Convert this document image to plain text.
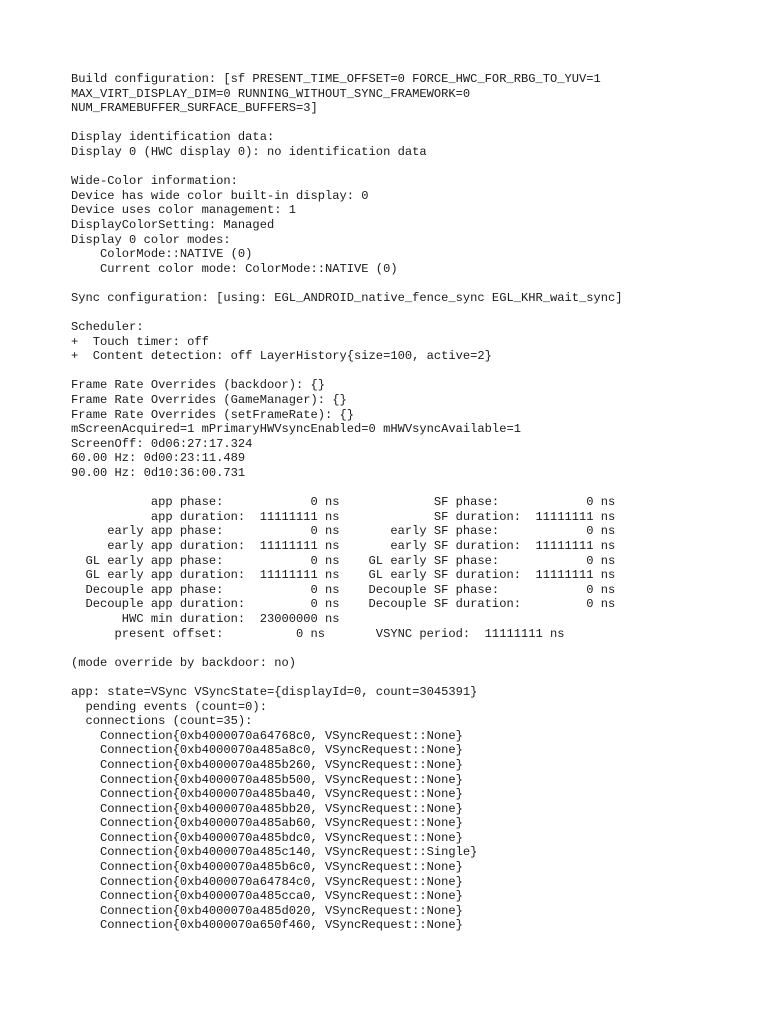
Build configuration: [sf PRESENT_TIME_OFFSET=0 FORCE_HWC_FOR_RBG_TO_YUV=1
MAX_VIRT_DISPLAY_DIM=0 RUNNING_WITHOUT_SYNC_FRAMEWORK=0
NUM_FRAMEBUFFER_SURFACE_BUFFERS=3]

Display identification data:
Display 0 (HWC display 0): no identification data

Wide-Color information:
Device has wide color built-in display: 0
Device uses color management: 1
DisplayColorSetting: Managed
Display 0 color modes:
ColorMode::NATIVE (0)
Current color mode: ColorMode::NATIVE (0)

Sync configuration: [using: EGL_ANDROID_native_fence_sync EGL_KHR_wait_sync]

Scheduler:
+  Touch timer: off
+  Content detection: off LayerHistory{size=100, active=2}

Frame Rate Overrides (backdoor): {}
Frame Rate Overrides (GameManager): {}
Frame Rate Overrides (setFrameRate): {}
mScreenAcquired=1 mPrimaryHWVsyncEnabled=0 mHWVsyncAvailable=1
ScreenOff: 0d06:27:17.324
60.00 Hz: 0d00:23:11.489
90.00 Hz: 0d10:36:00.731

app phase:            0 ns             SF phase:            0 ns
app duration:  11111111 ns             SF duration:  11111111 ns
early app phase:            0 ns       early SF phase:            0 ns
early app duration:  11111111 ns       early SF duration:  11111111 ns
GL early app phase:            0 ns    GL early SF phase:            0 ns
GL early app duration:  11111111 ns    GL early SF duration:  11111111 ns
Decouple app phase:            0 ns    Decouple SF phase:            0 ns
Decouple app duration:         0 ns    Decouple SF duration:         0 ns
HWC min duration:  23000000 ns
present offset:          0 ns       VSYNC period:  11111111 ns

(mode override by backdoor: no)

app: state=VSync VSyncState={displayId=0, count=3045391}
pending events (count=0):
connections (count=35):
Connection{0xb4000070a64768c0, VSyncRequest::None}
Connection{0xb4000070a485a8c0, VSyncRequest::None}
Connection{0xb4000070a485b260, VSyncRequest::None}
Connection{0xb4000070a485b500, VSyncRequest::None}
Connection{0xb4000070a485ba40, VSyncRequest::None}
Connection{0xb4000070a485bb20, VSyncRequest::None}
Connection{0xb4000070a485ab60, VSyncRequest::None}
Connection{0xb4000070a485bdc0, VSyncRequest::None}
Connection{0xb4000070a485c140, VSyncRequest::Single}
Connection{0xb4000070a485b6c0, VSyncRequest::None}
Connection{0xb4000070a64784c0, VSyncRequest::None}
Connection{0xb4000070a485cca0, VSyncRequest::None}
Connection{0xb4000070a485d020, VSyncRequest::None}
Connection{0xb4000070a650f460, VSyncRequest::None}
